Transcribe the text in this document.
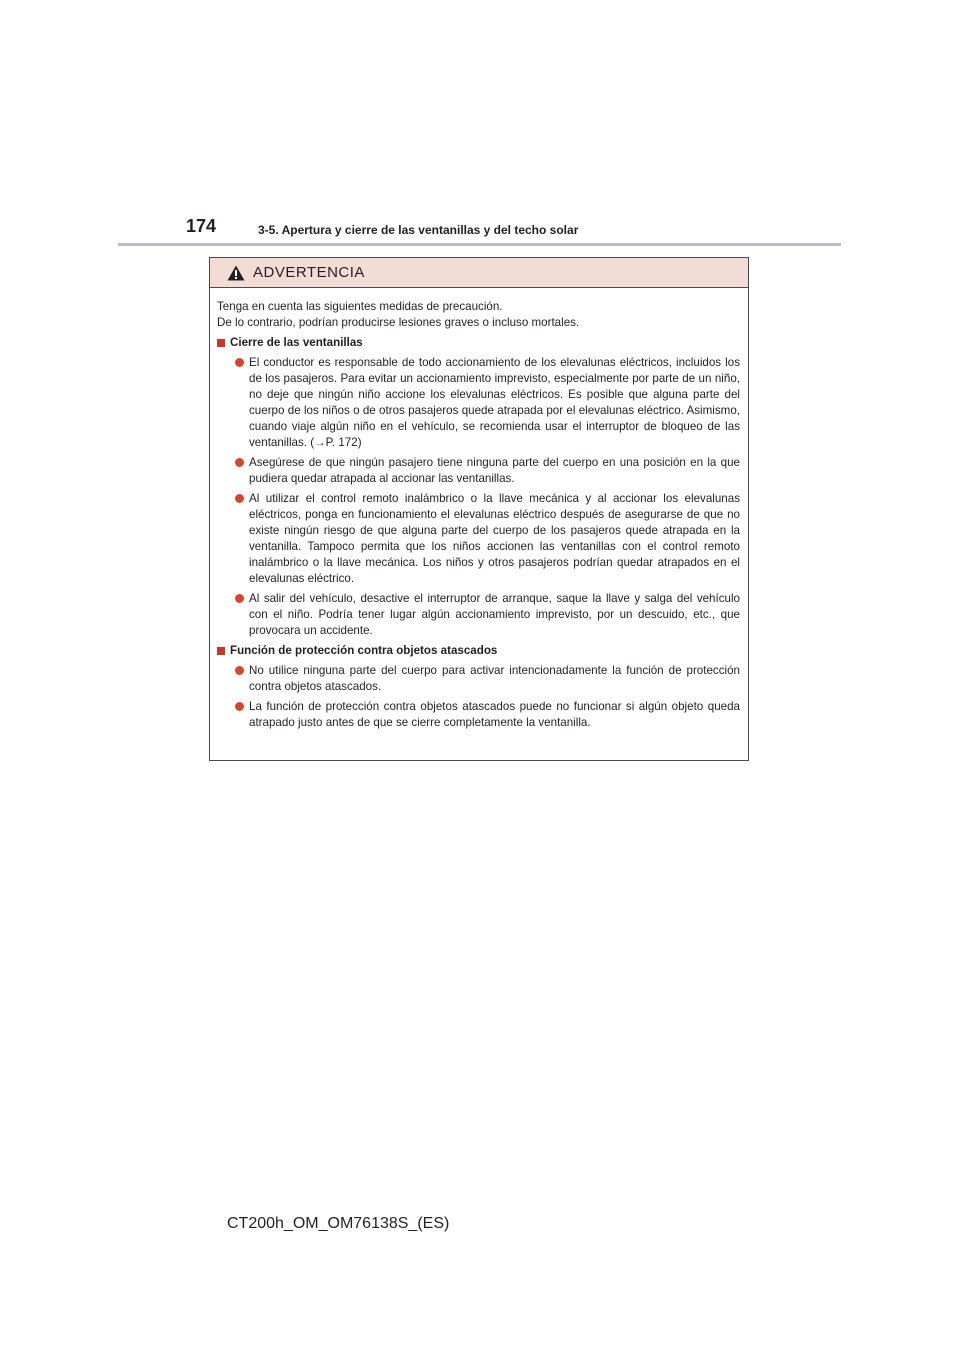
174	3-5. Apertura y cierre de las ventanillas y del techo solar
ADVERTENCIA

Tenga en cuenta las siguientes medidas de precaución.

De lo contrario, podrían producirse lesiones graves o incluso mortales.

Cierre de las ventanillas
El conductor es responsable de todo accionamiento de los elevalunas eléctricos, incluidos los de los pasajeros. Para evitar un accionamiento imprevisto, especialmente por parte de un niño, no deje que ningún niño accione los elevalunas eléctricos. Es posible que alguna parte del cuerpo de los niños o de otros pasajeros quede atrapada por el elevalunas eléctrico. Asimismo, cuando viaje algún niño en el vehículo, se recomienda usar el interruptor de bloqueo de las ventanillas. (→P. 172)
Asegúrese de que ningún pasajero tiene ninguna parte del cuerpo en una posición en la que pudiera quedar atrapada al accionar las ventanillas.
Al utilizar el control remoto inalámbrico o la llave mecánica y al accionar los elevalunas eléctricos, ponga en funcionamiento el elevalunas eléctrico después de asegurarse de que no existe ningún riesgo de que alguna parte del cuerpo de los pasajeros quede atrapada en la ventanilla. Tampoco permita que los niños accionen las ventanillas con el control remoto inalámbrico o la llave mecánica. Los niños y otros pasajeros podrían quedar atrapados en el elevalunas eléctrico.
Al salir del vehículo, desactive el interruptor de arranque, saque la llave y salga del vehículo con el niño. Podría tener lugar algún accionamiento imprevisto, por un descuido, etc., que provocara un accidente.
Función de protección contra objetos atascados
No utilice ninguna parte del cuerpo para activar intencionadamente la función de protección contra objetos atascados.
La función de protección contra objetos atascados puede no funcionar si algún objeto queda atrapado justo antes de que se cierre completamente la ventanilla.
CT200h_OM_OM76138S_(ES)
